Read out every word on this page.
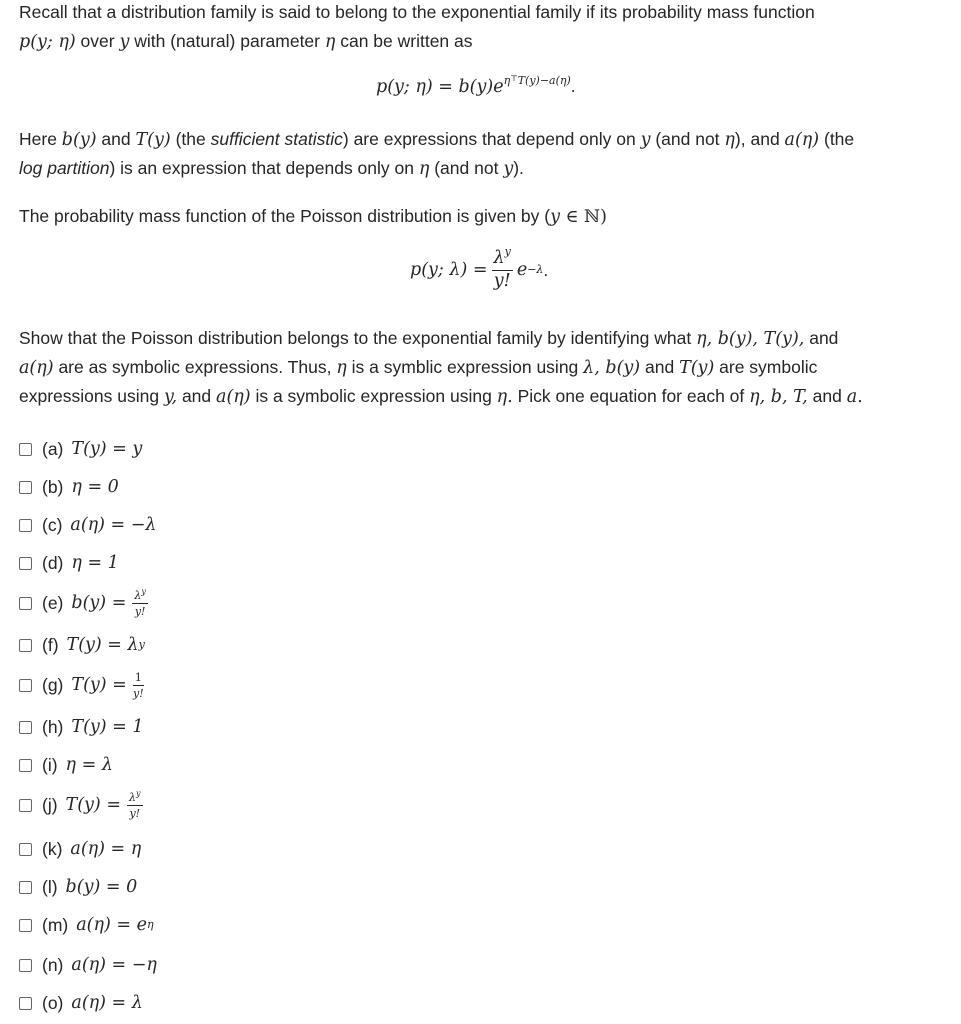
Recall that a distribution family is said to belong to the exponential family if its probability mass function
p(y; η) over y with (natural) parameter η can be written as
p(y; $\eta) = b(y)e^{\eta^⊤T(y)-a(\eta)}$.
Here b(y) and T(y) (the sufficient statistic) are expressions that depend only on y (and not η), and a(η) (the
log partition) is an expression that depends only on η (and not y).
The probability mass function of the Poisson distribution is given by (y ∈ ℕ)
p(y; $\lambda) = \frac{\lambda^y}{y!}$ e −λ .
Show that the Poisson distribution belongs to the exponential family by identifying what η, b(y), T(y), and
a(η) are as symbolic expressions. Thus, η is a symblic expression using λ, b(y) and T(y) are symbolic
expressions using y, and a(η) is a symbolic expression using η. Pick one equation for each of η, b, T, and a.
(a) T(y) = y
(b) η = 0
(c) a(η) = −λ
(d) η = 1
(e) $b(y) = \frac{\lambda^y}{y!}$
(f) T(y) = λ y
(g) $T(y) = \frac{1}{y!}$
(h) T(y) = 1
(i) η = λ
(j) $T(y) = \frac{\lambda^y}{y!}$
(k) a(η) = η
(l) b(y) = 0
(m) a(η) = e η
(n) a(η) = −η
(o) a(η) = λ
